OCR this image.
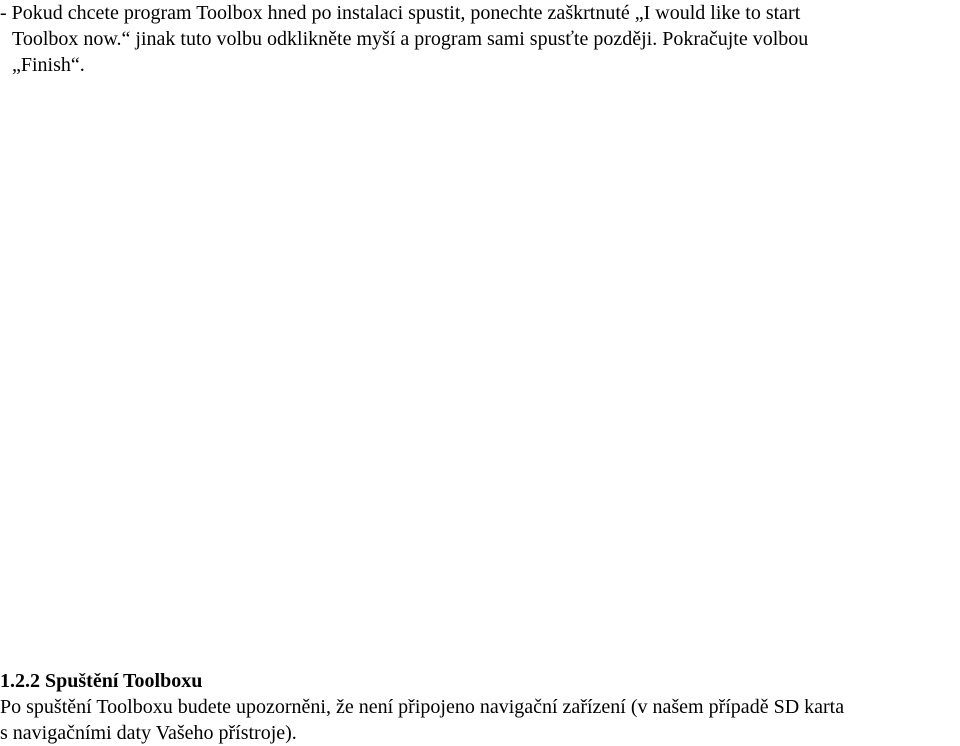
- Pokud chcete program Toolbox hned po instalaci spustit, ponechte zaškrtnuté „I would like to start
Toolbox now.“ jinak tuto volbu odklikněte myší a program sami spusťte později. Pokračujte volbou
„Finish“.

1.2.2 Spuštění Toolboxu

Po spuštění Toolboxu budete upozorněni, že není připojeno navigační zařízení (v našem případě SD karta
s navigačními daty Vašeho přístroje).
